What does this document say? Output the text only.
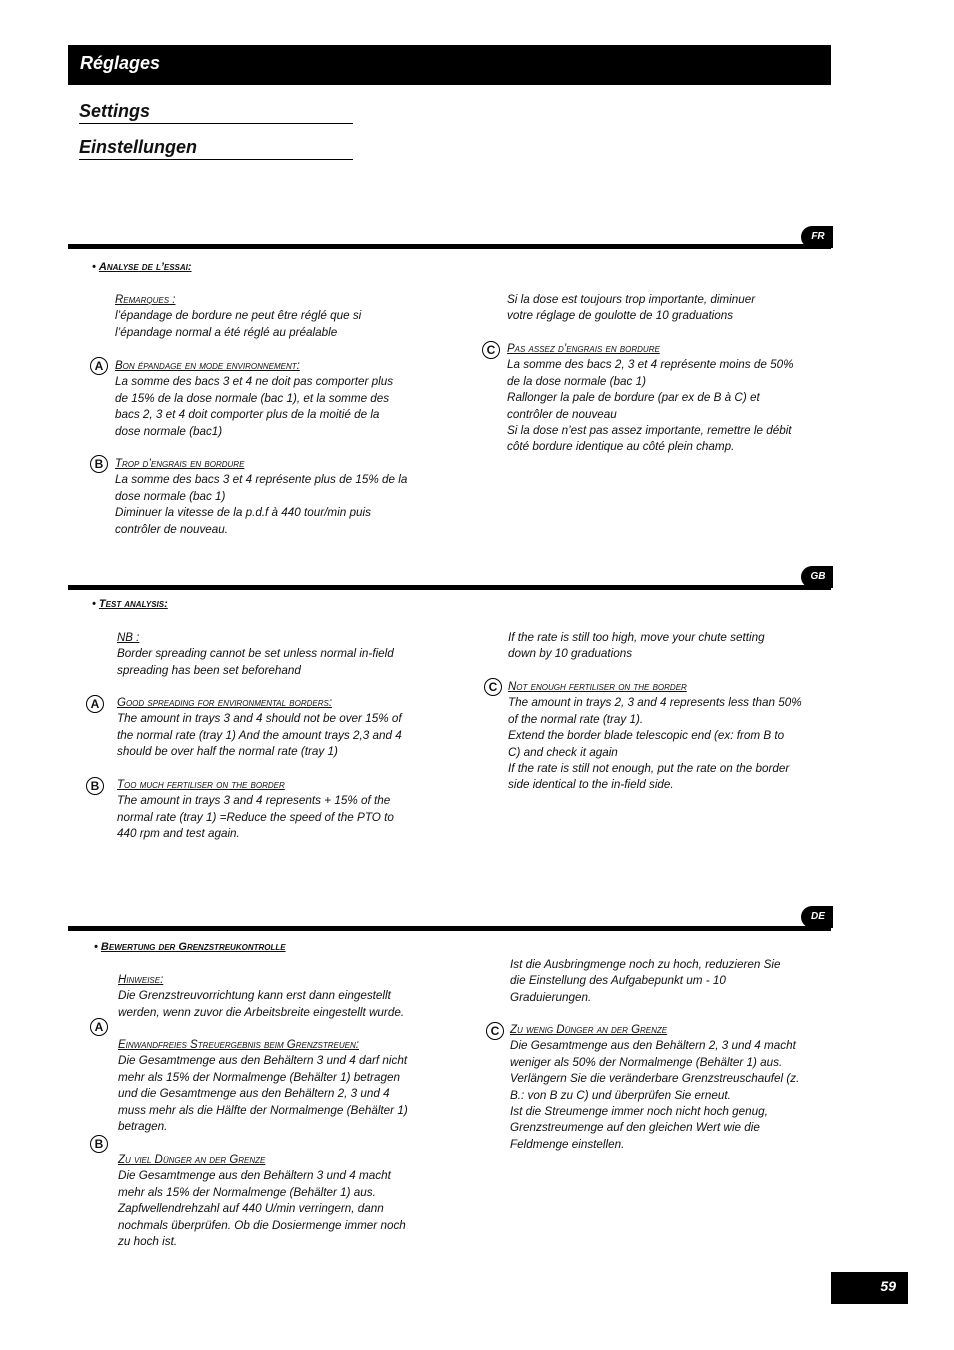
Réglages
Settings
Einstellungen
FR
• Analyse de l’essai:
Remarques :
l’épandage de bordure ne peut être réglé que si
l’épandage normal a été réglé au préalable
A	Bon épandage en mode environnement:
La somme des bacs 3 et 4 ne doit pas comporter plus
de 15% de la dose normale (bac 1), et la somme des
bacs 2, 3 et 4 doit comporter plus de la moitié de la
dose normale (bac1)
B	Trop d’engrais en bordure
La somme des bacs 3 et 4 représente plus de 15% de la
dose normale (bac 1)
Diminuer la vitesse de la p.d.f à 440 tour/min puis
contrôler de nouveau.
Si la dose est toujours trop importante, diminuer
votre réglage de goulotte de 10 graduations
C	Pas assez d’engrais en bordure
La somme des bacs 2, 3 et 4 représente moins de 50%
de la dose normale (bac 1)
Rallonger la pale de bordure (par ex de B à C) et
contrôler de nouveau
Si la dose n’est pas assez importante, remettre le débit
côté bordure identique au côté plein champ.
GB
• Test analysis:
NB :
Border spreading cannot be set unless normal in-field
spreading has been set beforehand
A	Good spreading for environmental borders:
The amount in trays 3 and 4 should not be over 15% of
the normal rate (tray 1) And the amount trays 2,3 and 4
should be over half the normal rate (tray 1)
B	Too much fertiliser on the border
The amount in trays 3 and 4 represents + 15% of the
normal rate (tray 1) =Reduce the speed of the PTO to
440 rpm and test again.
If the rate is still too high, move your chute setting
down by 10 graduations
C Not enough fertiliser on the border
The amount in trays 2, 3 and 4 represents less than 50%
of the normal rate (tray 1).
Extend the border blade telescopic end (ex: from B to
C) and check it again
If the rate is still not enough, put the rate on the border
side identical to the in-field side.
DE
• Bewertung der Grenzstreukontrolle
Hinweise:
Die Grenzstreuvorrichtung kann erst dann eingestellt
werden, wenn zuvor die Arbeitsbreite eingestellt wurde.
A
Einwandfreies Streuergebnis beim Grenzstreuen:
Die Gesamtmenge aus den Behältern 3 und 4 darf nicht
mehr als 15% der Normalmenge (Behälter 1) betragen
und die Gesamtmenge aus den Behältern 2, 3 und 4
muss mehr als die Hälfte der Normalmenge (Behälter 1)
betragen.
B
Zu viel Dünger an der Grenze
Die Gesamtmenge aus den Behältern 3 und 4 macht
mehr als 15% der Normalmenge (Behälter 1) aus.
Zapfwellendrehzahl auf 440 U/min verringern, dann
nochmals überprüfen. Ob die Dosiermenge immer noch
zu hoch ist.
Ist die Ausbringmenge noch zu hoch, reduzieren Sie
die Einstellung des Aufgabepunkt um - 10
Graduierungen.
C Zu wenig Dünger an der Grenze
Die Gesamtmenge aus den Behältern 2, 3 und 4 macht
weniger als 50% der Normalmenge (Behälter 1) aus.
Verlängern Sie die veränderbare Grenzstreuschaufel (z.
B.: von B zu C) und überprüfen Sie erneut.
Ist die Streumenge immer noch nicht hoch genug,
Grenzstreumenge auf den gleichen Wert wie die
Feldmenge einstellen.
59
